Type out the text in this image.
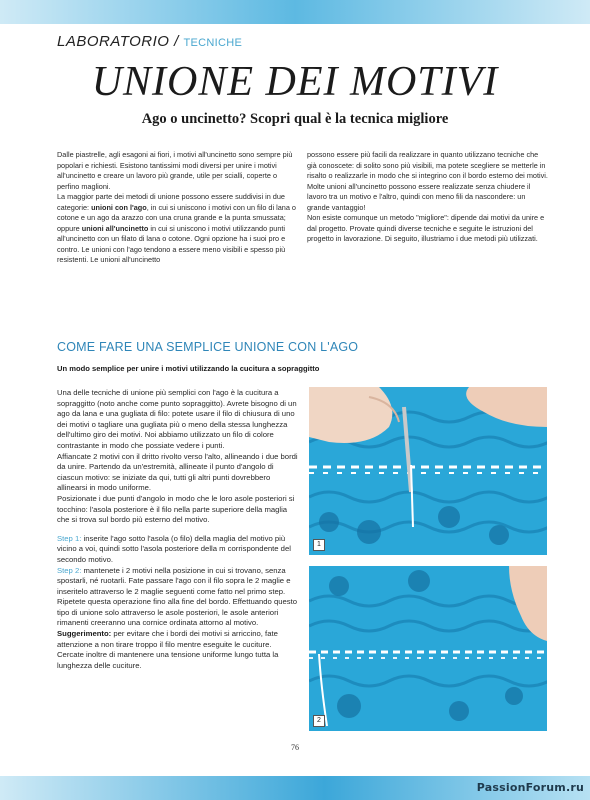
LABORATORIO / TECNICHE
UNIONE DEI MOTIVI
Ago o uncinetto? Scopri qual è la tecnica migliore

Dalle piastrelle, agli esagoni ai fiori, i motivi all'uncinetto sono sempre più popolari e richiesti. Esistono tantissimi modi diversi per unire i motivi all'uncinetto e creare un lavoro più grande, utile per scialli, coperte o perfino maglioni.

La maggior parte dei metodi di unione possono essere suddivisi in due categorie: unioni con l'ago, in cui si uniscono i motivi con un filo di lana o cotone e un ago da arazzo con una cruna grande e la punta smussata; oppure unioni all'uncinetto in cui si uniscono i motivi utilizzando punti all'uncinetto con un filato di lana o cotone. Ogni opzione ha i suoi pro e contro. Le unioni con l'ago tendono a essere meno visibili e spesso più resistenti. Le unioni all'uncinetto

possono essere più facili da realizzare in quanto utilizzano tecniche che già conoscete: di solito sono più visibili, ma potete scegliere se metterle in risalto o realizzarle in modo che si integrino con il bordo esterno dei motivi.

Molte unioni all'uncinetto possono essere realizzate senza chiudere il lavoro tra un motivo e l'altro, quindi con meno fili da nascondere: un grande vantaggio!

Non esiste comunque un metodo "migliore": dipende dai motivi da unire e dal progetto. Provate quindi diverse tecniche e seguite le istruzioni del progetto in lavorazione. Di seguito, illustriamo i due metodi più utilizzati.

COME FARE UNA SEMPLICE UNIONE CON L'AGO
Un modo semplice per unire i motivi utilizzando la cucitura a sopraggitto

Una delle tecniche di unione più semplici con l'ago è la cucitura a sopraggitto (noto anche come punto sopraggitto). Avrete bisogno di un ago da lana e una gugliata di filo: potete usare il filo di chiusura di uno dei motivi o tagliare una gugliata più o meno della stessa lunghezza dell'ultimo giro dei motivi. Noi abbiamo utilizzato un filo di colore contrastante in modo che possiate vedere i punti.

Affiancate 2 motivi con il dritto rivolto verso l'alto, allineando i due bordi da unire. Partendo da un'estremità, allineate il punto d'angolo di ciascun motivo: se iniziate da qui, tutti gli altri punti dovrebbero allinearsi in modo uniforme.

Posizionate i due punti d'angolo in modo che le loro asole posteriori si tocchino: l'asola posteriore è il filo nella parte superiore della maglia che si trova sul bordo più esterno del motivo.

Step 1: inserite l'ago sotto l'asola (o filo) della maglia del motivo più vicino a voi, quindi sotto l'asola posteriore della m corrispondente del secondo motivo.

Step 2: mantenete i 2 motivi nella posizione in cui si trovano, senza spostarli, né ruotarli. Fate passare l'ago con il filo sopra le 2 maglie e inseritelo attraverso le 2 maglie seguenti come fatto nel primo step. Ripetete questa operazione fino alla fine del bordo. Effettuando questo tipo di unione solo attraverso le asole posteriori, le asole anteriori rimanenti creeranno una cornice ordinata attorno al motivo.

Suggerimento: per evitare che i bordi dei motivi si arriccino, fate attenzione a non tirare troppo il filo mentre eseguite le cuciture. Cercate inoltre di mantenere una tensione uniforme lungo tutta la lunghezza delle cuciture.

1
2
76
PassionForum.ru
